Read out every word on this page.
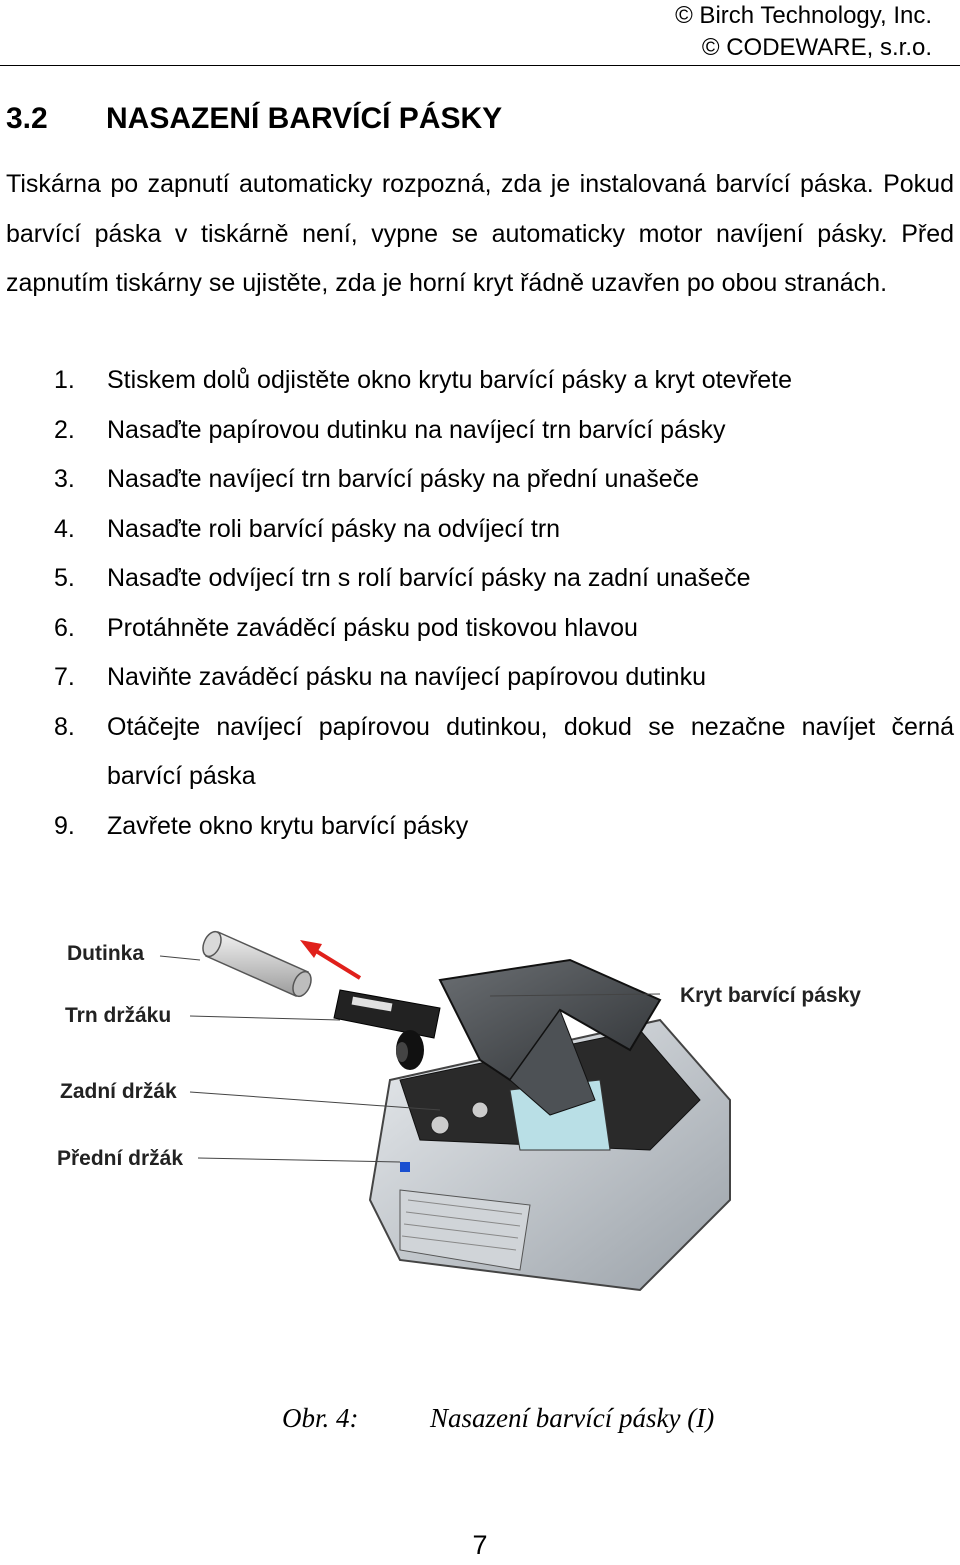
© Birch Technology, Inc.
© CODEWARE, s.r.o.
3.2 NASAZENÍ BARVÍCÍ PÁSKY
Tiskárna po zapnutí automaticky rozpozná, zda je instalovaná barvící páska. Pokud barvící páska v tiskárně není, vypne se automaticky motor navíjení pásky. Před zapnutím tiskárny se ujistěte, zda je horní kryt řádně uzavřen po obou stranách.
1. Stiskem dolů odjistěte okno krytu barvící pásky a kryt otevřete
2. Nasaďte papírovou dutinku na navíjecí trn barvící pásky
3. Nasaďte navíjecí trn barvící pásky na přední unašeče
4. Nasaďte roli barvící pásky na odvíjecí trn
5. Nasaďte odvíjecí trn s rolí barvící pásky na zadní unašeče
6. Protáhněte zaváděcí pásku pod tiskovou hlavou
7. Naviňte zaváděcí pásku na navíjecí papírovou dutinku
8. Otáčejte navíjecí papírovou dutinkou, dokud se nezačne navíjet černá barvící páska
9. Zavřete okno krytu barvící pásky
Dutinka
Trn držáku
Zadní držák
Přední držák
Kryt barvící pásky
Obr. 4:	Nasazení barvící pásky (I)
7
